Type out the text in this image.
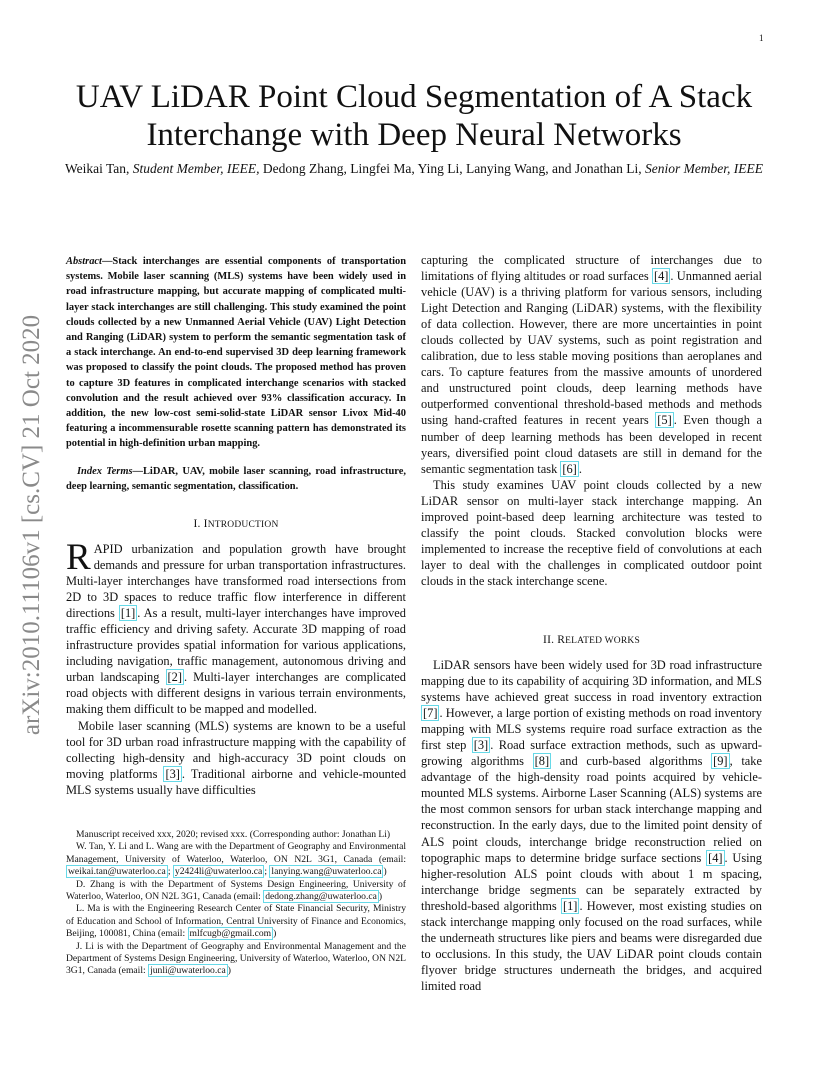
1
UAV LiDAR Point Cloud Segmentation of A Stack Interchange with Deep Neural Networks
Weikai Tan, Student Member, IEEE, Dedong Zhang, Lingfei Ma, Ying Li, Lanying Wang, and Jonathan Li, Senior Member, IEEE
arXiv:2010.11106v1 [cs.CV] 21 Oct 2020
Abstract—Stack interchanges are essential components of transportation systems. Mobile laser scanning (MLS) systems have been widely used in road infrastructure mapping, but accurate mapping of complicated multi-layer stack interchanges are still challenging. This study examined the point clouds collected by a new Unmanned Aerial Vehicle (UAV) Light Detection and Ranging (LiDAR) system to perform the semantic segmentation task of a stack interchange. An end-to-end supervised 3D deep learning framework was proposed to classify the point clouds. The proposed method has proven to capture 3D features in complicated interchange scenarios with stacked convolution and the result achieved over 93% classification accuracy. In addition, the new low-cost semi-solid-state LiDAR sensor Livox Mid-40 featuring a incommensurable rosette scanning pattern has demonstrated its potential in high-definition urban mapping.
Index Terms—LiDAR, UAV, mobile laser scanning, road infrastructure, deep learning, semantic segmentation, classification.
I. INTRODUCTION

RAPID urbanization and population growth have brought demands and pressure for urban transportation infrastructures. Multi-layer interchanges have transformed road intersections from 2D to 3D spaces to reduce traffic flow interference in different directions [1] . As a result, multi-layer interchanges have improved traffic efficiency and driving safety. Accurate 3D mapping of road infrastructure provides spatial information for various applications, including navigation, traffic management, autonomous driving and urban landscaping [2] . Multi-layer interchanges are complicated road objects with different designs in various terrain environments, making them difficult to be mapped and modelled.

Mobile laser scanning (MLS) systems are known to be a useful tool for 3D urban road infrastructure mapping with the capability of collecting high-density and high-accuracy 3D point clouds on moving platforms [3] . Traditional airborne and vehicle-mounted MLS systems usually have difficulties

Manuscript received xxx, 2020; revised xxx. (Corresponding author: Jonathan Li)

W. Tan, Y. Li and L. Wang are with the Department of Geography and Environmental Management, University of Waterloo, Waterloo, ON N2L 3G1, Canada (email: weikai.tan@uwaterloo.ca ; y2424li@uwaterloo.ca ; lanying.wang@uwaterloo.ca )

D. Zhang is with the Department of Systems Design Engineering, University of Waterloo, Waterloo, ON N2L 3G1, Canada (email: dedong.zhang@uwaterloo.ca )

L. Ma is with the Engineering Research Center of State Financial Security, Ministry of Education and School of Information, Central University of Finance and Economics, Beijing, 100081, China (email: mlfcugb@gmail.com )

J. Li is with the Department of Geography and Environmental Management and the Department of Systems Design Engineering, University of Waterloo, Waterloo, ON N2L 3G1, Canada (email: junli@uwaterloo.ca )

capturing the complicated structure of interchanges due to limitations of flying altitudes or road surfaces [4] . Unmanned aerial vehicle (UAV) is a thriving platform for various sensors, including Light Detection and Ranging (LiDAR) systems, with the flexibility of data collection. However, there are more uncertainties in point clouds collected by UAV systems, such as point registration and calibration, due to less stable moving positions than aeroplanes and cars. To capture features from the massive amounts of unordered and unstructured point clouds, deep learning methods have outperformed conventional threshold-based methods and methods using hand-crafted features in recent years [5] . Even though a number of deep learning methods has been developed in recent years, diversified point cloud datasets are still in demand for the semantic segmentation task [6] .

This study examines UAV point clouds collected by a new LiDAR sensor on multi-layer stack interchange mapping. An improved point-based deep learning architecture was tested to classify the point clouds. Stacked convolution blocks were implemented to increase the receptive field of convolutions at each layer to deal with the challenges in complicated outdoor point clouds in the stack interchange scene.

II. RELATED WORKS

LiDAR sensors have been widely used for 3D road infrastructure mapping due to its capability of acquiring 3D information, and MLS systems have achieved great success in road inventory extraction [7] . However, a large portion of existing methods on road inventory mapping with MLS systems require road surface extraction as the first step [3] . Road surface extraction methods, such as upward-growing algorithms [8] and curb-based algorithms [9] , take advantage of the high-density road points acquired by vehicle-mounted MLS systems. Airborne Laser Scanning (ALS) systems are the most common sensors for urban stack interchange mapping and reconstruction. In the early days, due to the limited point density of ALS point clouds, interchange bridge reconstruction relied on topographic maps to determine bridge surface sections [4] . Using higher-resolution ALS point clouds with about 1 m spacing, interchange bridge segments can be separately extracted by threshold-based algorithms [1] . However, most existing studies on stack interchange mapping only focused on the road surfaces, while the underneath structures like piers and beams were disregarded due to occlusions. In this study, the UAV LiDAR point clouds contain flyover bridge structures underneath the bridges, and acquired limited road
